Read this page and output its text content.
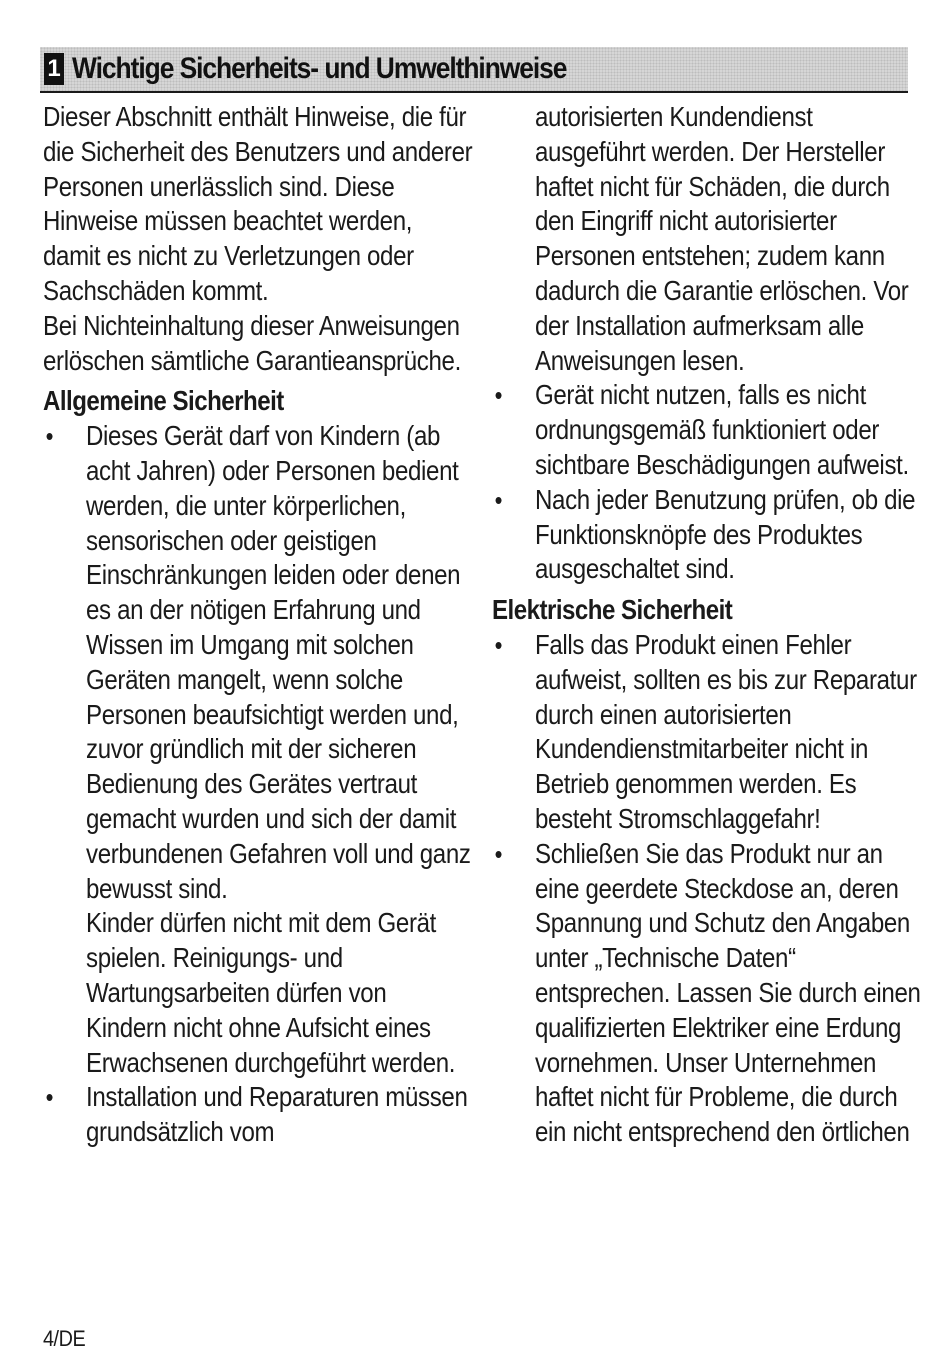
1 Wichtige Sicherheits- und Umwelthinweise

Dieser Abschnitt enthält Hinweise, die für die Sicherheit des Benutzers und anderer Personen unerlässlich sind. Diese Hinweise müssen beachtet werden, damit es nicht zu Verletzungen oder Sachschäden kommt.

Bei Nichteinhaltung dieser Anweisungen erlöschen sämtliche Garantieansprüche.

Allgemeine Sicherheit

• Dieses Gerät darf von Kindern (ab acht Jahren) oder Personen bedient werden, die unter körperlichen, sensorischen oder geistigen Einschränkungen leiden oder denen es an der nötigen Erfahrung und Wissen im Umgang mit solchen Geräten mangelt, wenn solche Personen beaufsichtigt werden und, zuvor gründlich mit der sicheren Bedienung des Gerätes vertraut gemacht wurden und sich der damit verbundenen Gefahren voll und ganz bewusst sind.
Kinder dürfen nicht mit dem Gerät spielen. Reinigungs- und Wartungsarbeiten dürfen von Kindern nicht ohne Aufsicht eines Erwachsenen durchgeführt werden.
• Installation und Reparaturen müssen grundsätzlich vom
autorisierten Kundendienst ausgeführt werden. Der Hersteller haftet nicht für Schäden, die durch den Eingriff nicht autorisierter Personen entstehen; zudem kann dadurch die Garantie erlöschen. Vor der Installation aufmerksam alle Anweisungen lesen.
• Gerät nicht nutzen, falls es nicht ordnungsgemäß funktioniert oder sichtbare Beschädigungen aufweist.
• Nach jeder Benutzung prüfen, ob die Funktionsknöpfe des Produktes ausgeschaltet sind.

Elektrische Sicherheit

• Falls das Produkt einen Fehler aufweist, sollten es bis zur Reparatur durch einen autorisierten Kundendienstmitarbeiter nicht in Betrieb genommen werden. Es besteht Stromschlaggefahr!
• Schließen Sie das Produkt nur an eine geerdete Steckdose an, deren Spannung und Schutz den Angaben unter „Technische Daten“ entsprechen. Lassen Sie durch einen qualifizierten Elektriker eine Erdung vornehmen. Unser Unternehmen haftet nicht für Probleme, die durch ein nicht entsprechend den örtlichen
4/DE
